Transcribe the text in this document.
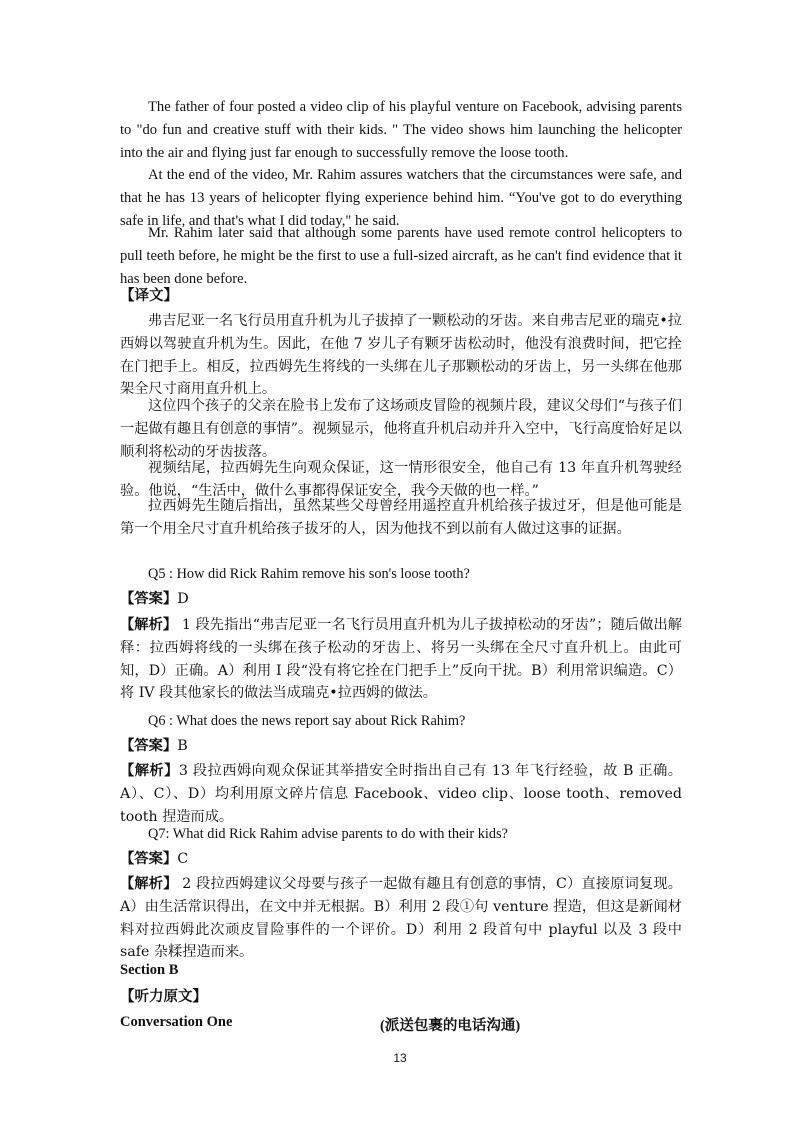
The father of four posted a video clip of his playful venture on Facebook, advising parents to "do fun and creative stuff with their kids. " The video shows him launching the helicopter into the air and flying just far enough to successfully remove the loose tooth.

At the end of the video, Mr. Rahim assures watchers that the circumstances were safe, and that he has 13 years of helicopter flying experience behind him. “You've got to do everything safe in life, and that's what I did today," he said.

Mr. Rahim later said that although some parents have used remote control helicopters to pull teeth before, he might be the first to use a full-sized aircraft, as he can't find evidence that it has been done before.

【译文】

弗吉尼亚一名飞行员用直升机为儿子拔掉了一颗松动的牙齿。来自弗吉尼亚的瑞克•拉西姆以驾驶直升机为生。因此，在他 7 岁儿子有颗牙齿松动时，他没有浪费时间，把它拴在门把手上。相反，拉西姆先生将线的一头绑在儿子那颗松动的牙齿上，另一头绑在他那架全尺寸商用直升机上。

这位四个孩子的父亲在脸书上发布了这场顽皮冒险的视频片段，建议父母们“与孩子们一起做有趣且有创意的事情”。视频显示，他将直升机启动并升入空中，飞行高度恰好足以顺利将松动的牙齿拔落。

视频结尾，拉西姆先生向观众保证，这一情形很安全，他自己有 13 年直升机驾驶经验。他说，“生活中，做什么事都得保证安全，我今天做的也一样。”

拉西姆先生随后指出，虽然某些父母曾经用遥控直升机给孩子拔过牙，但是他可能是第一个用全尺寸直升机给孩子拔牙的人，因为他找不到以前有人做过这事的证据。

Q5 : How did Rick Rahim remove his son's loose tooth?

【答案】D

【解析】 1 段先指出“弗吉尼亚一名飞行员用直升机为儿子拔掉松动的牙齿”；随后做出解释：拉西姆将线的一头绑在孩子松动的牙齿上、将另一头绑在全尺寸直升机上。由此可知，D）正确。A）利用 I 段“没有将它拴在门把手上”反向干扰。B）利用常识编造。C）将 IV 段其他家长的做法当成瑞克•拉西姆的做法。

Q6 : What does the news report say about Rick Rahim?

【答案】B

【解析】3 段拉西姆向观众保证其举措安全时指出自己有 13 年飞行经验，故 B 正确。 A）、C）、D）均利用原文碎片信息 Facebook、video clip、loose tooth、removed tooth 捏造而成。

Q7: What did Rick Rahim advise parents to do with their kids?

【答案】C

【解析】 2 段拉西姆建议父母要与孩子一起做有趣且有创意的事情，C）直接原词复现。A）由生活常识得出，在文中并无根据。B）利用 2 段①句 venture 捏造，但这是新闻材料对拉西姆此次顽皮冒险事件的一个评价。D）利用 2 段首句中 playful 以及 3 段中 safe 杂糅捏造而来。

Section B

【听力原文】

Conversation One	(派送包裹的电话沟通)

13
